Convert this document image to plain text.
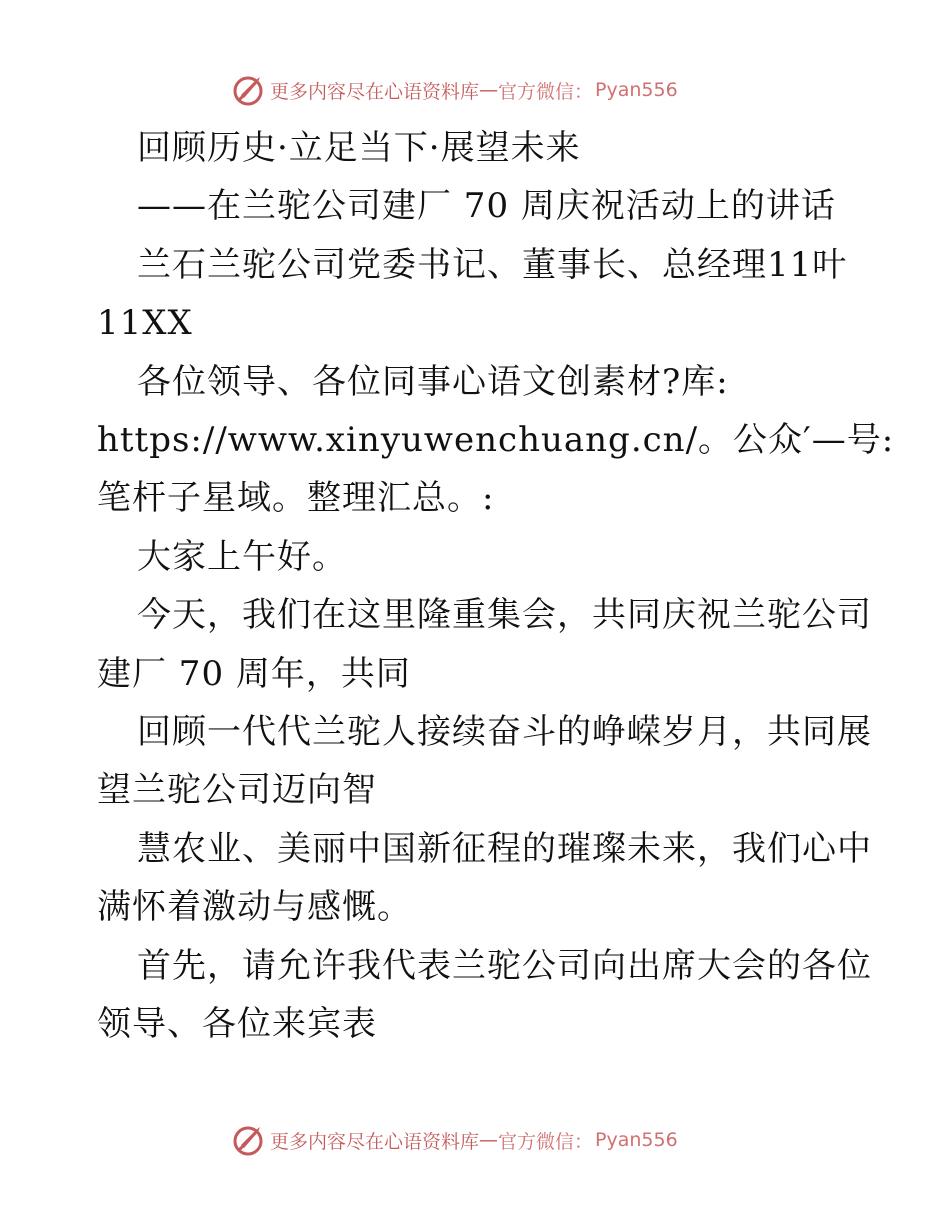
更多内容尽在心语资料库 — 官方微信： Pyan556
回顾历史·立足当下·展望未来
——在兰驼公司建厂 70 周庆祝活动上的讲话
兰石兰驼公司党委书记、董事长、总经理11叶
11XX
各位领导、各位同事心语文创素材?库:
https://www.xinyuwenchuang.cn/。公众′—号:
笔杆子星域。整理汇总。:
大家上午好。
今天，我们在这里隆重集会，共同庆祝兰驼公司
建厂 70 周年，共同
回顾一代代兰驼人接续奋斗的峥嵘岁月，共同展
望兰驼公司迈向智
慧农业、美丽中国新征程的璀璨未来，我们心中
满怀着激动与感慨。
首先，请允许我代表兰驼公司向出席大会的各位
领导、各位来宾表
更多内容尽在心语资料库 — 官方微信： Pyan556
